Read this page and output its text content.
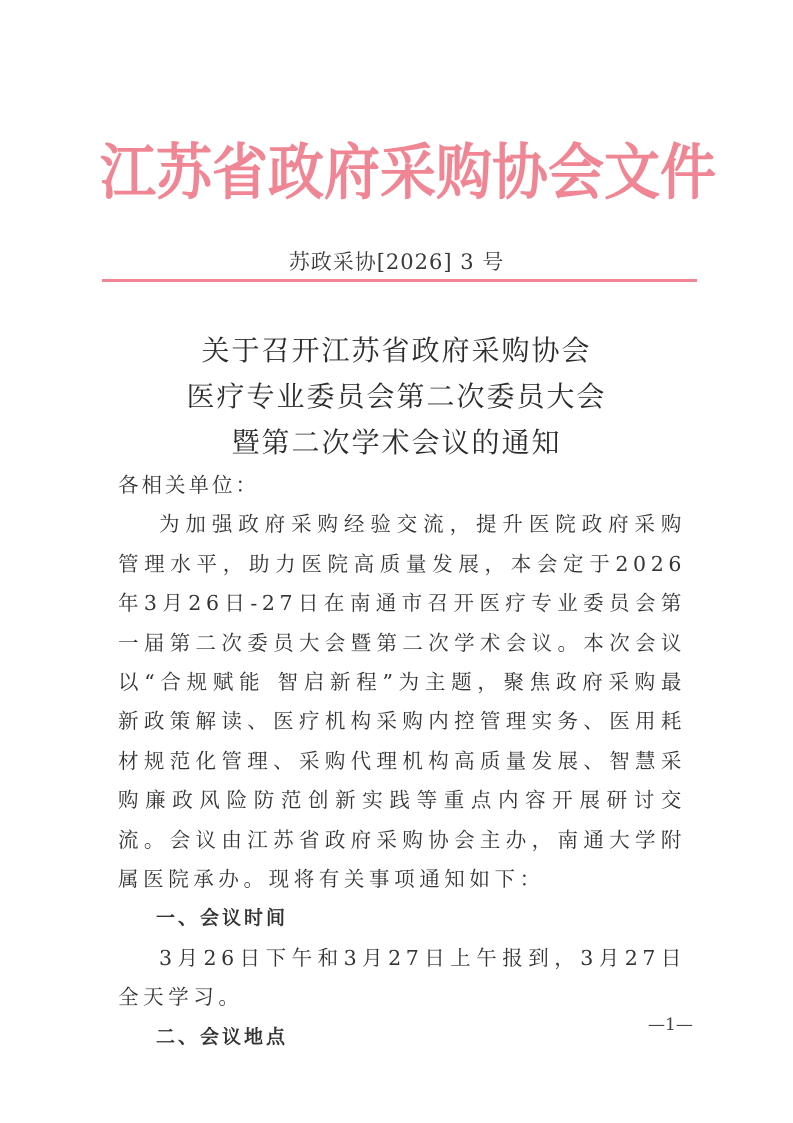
江 苏 省 政 府 采 购 协 会 文 件
苏政采协[2026] 3 号
关于召开江苏省政府采购协会
医疗专业委员会第二次委员大会
暨第二次学术会议的通知

各相关单位：

为加强政府采购经验交流，提升医院政府采购管理水平，助力医院高质量发展，本会定于2026年3月26日-27日在南通市召开医疗专业委员会第一届第二次委员大会暨第二次学术会议。本次会议以“合规赋能 智启新程”为主题，聚焦政府采购最新政策解读、医疗机构采购内控管理实务、医用耗材规范化管理、采购代理机构高质量发展、智慧采购廉政风险防范创新实践等重点内容开展研讨交流。会议由江苏省政府采购协会主办，南通大学附属医院承办。现将有关事项通知如下：

一、会议时间

3月26日下午和3月27日上午报到，3月27日全天学习。

二、会议地点

—1—
